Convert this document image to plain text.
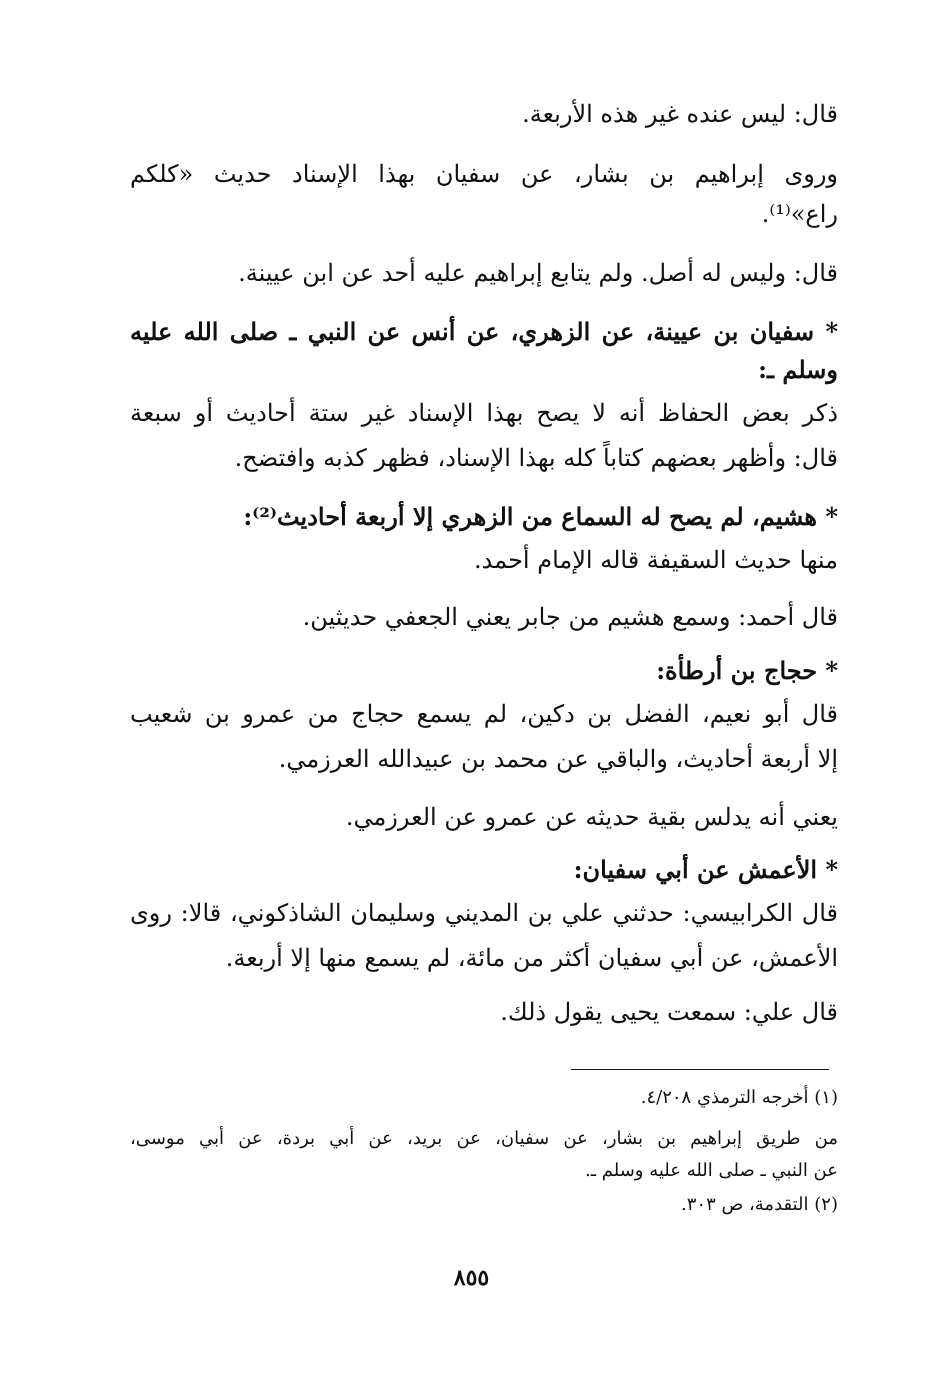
قال: ليس عنده غير هذه الأربعة.
وروى إبراهيم بن بشار، عن سفيان بهذا الإسناد حديث «كلكم
راع»⁽¹⁾.
قال: وليس له أصل. ولم يتابع إبراهيم عليه أحد عن ابن عيينة.
* سفيان بن عيينة، عن الزهري، عن أنس عن النبي ـ صلى الله عليه
وسلم ـ:
ذكر بعض الحفاظ أنه لا يصح بهذا الإسناد غير ستة أحاديث أو سبعة
قال: وأظهر بعضهم كتاباً كله بهذا الإسناد، فظهر كذبه وافتضح.
* هشيم، لم يصح له السماع من الزهري إلا أربعة أحاديث⁽²⁾:
منها حديث السقيفة قاله الإمام أحمد.
قال أحمد: وسمع هشيم من جابر يعني الجعفي حديثين.
* حجاج بن أرطأة:
قال أبو نعيم، الفضل بن دكين، لم يسمع حجاج من عمرو بن شعيب
إلا أربعة أحاديث، والباقي عن محمد بن عبيدالله العرزمي.
يعني أنه يدلس بقية حديثه عن عمرو عن العرزمي.
* الأعمش عن أبي سفيان:
قال الكرابيسي: حدثني علي بن المديني وسليمان الشاذكوني، قالا: روى
الأعمش، عن أبي سفيان أكثر من مائة، لم يسمع منها إلا أربعة.
قال علي: سمعت يحيى يقول ذلك.
(١) أخرجه الترمذي ٤/٢٠٨.
من طريق إبراهيم بن بشار، عن سفيان، عن بريد، عن أبي بردة، عن أبي موسى،
عن النبي ـ صلى الله عليه وسلم ـ.
(٢) التقدمة، ص ٣٠٣.
٨٥٥
